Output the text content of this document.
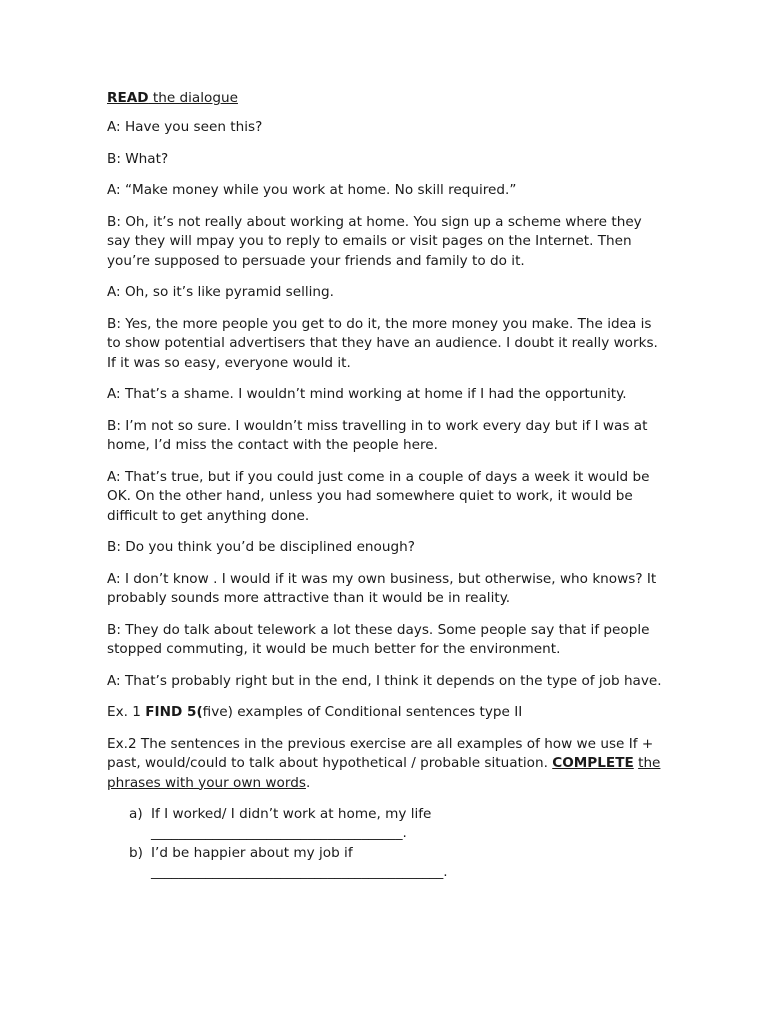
READ the dialogue

A: Have you seen this?

B: What?

A: “Make money while you work at home. No skill required.”

B: Oh, it’s not really about working at home. You sign up a scheme where they say they will mpay you to reply to emails or visit pages on the Internet. Then you’re supposed to persuade your friends and family to do it.

A: Oh, so it’s like pyramid selling.

B: Yes, the more people you get to do it, the more money you make. The idea is to show potential advertisers that they have an audience. I doubt it really works. If it was so easy, everyone would it.

A: That’s a shame. I wouldn’t mind working at home if I had the opportunity.

B: I’m not so sure. I wouldn’t miss travelling in to work every day but if I was at home, I’d miss the contact with the people here.

A: That’s true, but if you could just come in a couple of days a week it would be OK. On the other hand, unless you had somewhere quiet to work, it would be difficult to get anything done.

B: Do you think you’d be disciplined enough?

A: I don’t know . I would if it was my own business, but otherwise, who knows? It probably sounds more attractive than it would be in reality.

B: They do talk about telework a lot these days. Some people say that if people stopped commuting, it would be much better for the environment.

A: That’s probably right but in the end, I think it depends on the type of job have.

Ex. 1 FIND 5(five) examples of Conditional sentences type II

Ex.2 The sentences in the previous exercise are all examples of how we use If + past, would/could to talk about hypothetical / probable situation. COMPLETE the phrases with your own words.

a) If I worked/ I didn’t work at home, my life
_____________________________________.
b) I’d be happier about my job if
___________________________________________.
